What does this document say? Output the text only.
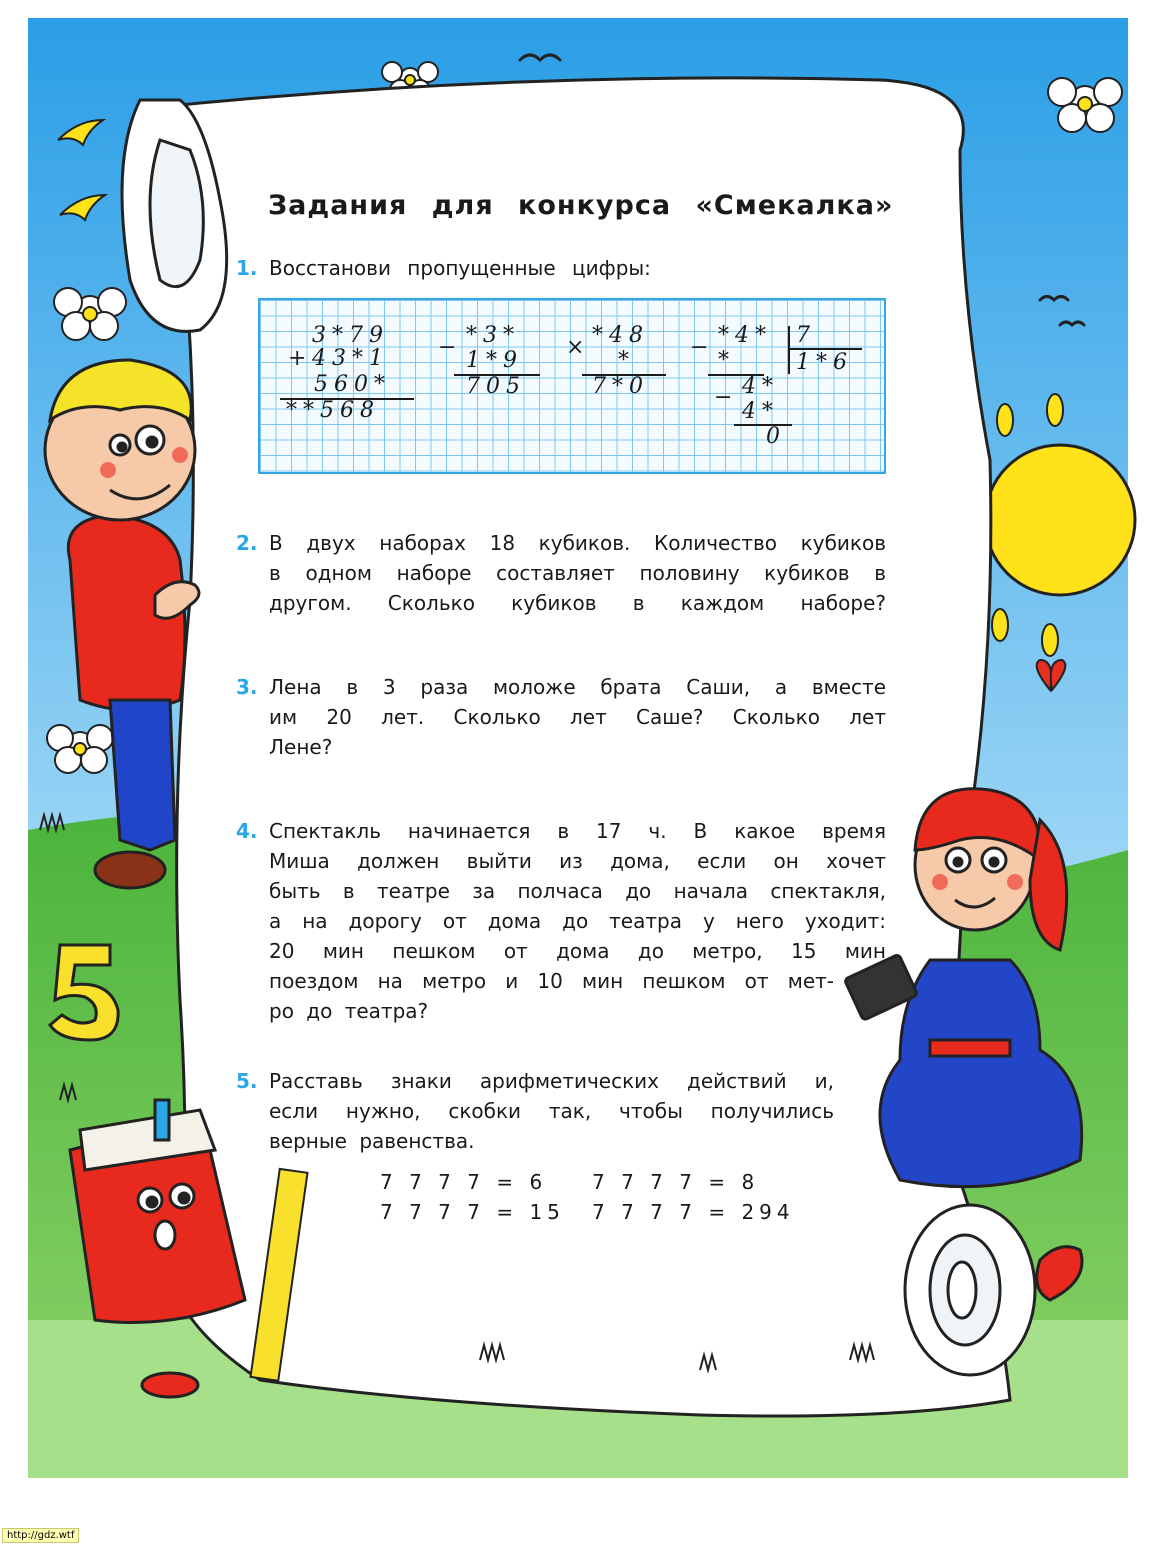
Задания для конкурса «Смекалка»
1. Восстанови пропущенные цифры:
3*79
+ 43*1
560*
**568
− *3*
1*9
705
× *48
*
7*0
− *4* 7
*	1*6
− 4*
4*
0
2. В двух наборах 18 кубиков. Количество кубиков
в одном наборе составляет половину кубиков в
другом. Сколько кубиков в каждом наборе?
3. Лена в 3 раза моложе брата Саши, а вместе
им 20 лет. Сколько лет Саше? Сколько лет
Лене?
4. Спектакль начинается в 17 ч. В какое время
Миша должен выйти из дома, если он хочет
быть в театре за полчаса до начала спектакля,
а на дорогу от дома до театра у него уходит:
20 мин пешком от дома до метро, 15 мин
поездом на метро и 10 мин пешком от мет-
ро до театра?
5. Расставь знаки арифметических действий и,
если нужно, скобки так, чтобы получились
верные равенства.
7 7 7 7 = 6 7 7 7 7 = 8
7 7 7 7 = 15 7 7 7 7 = 294
http://gdz.wtf
